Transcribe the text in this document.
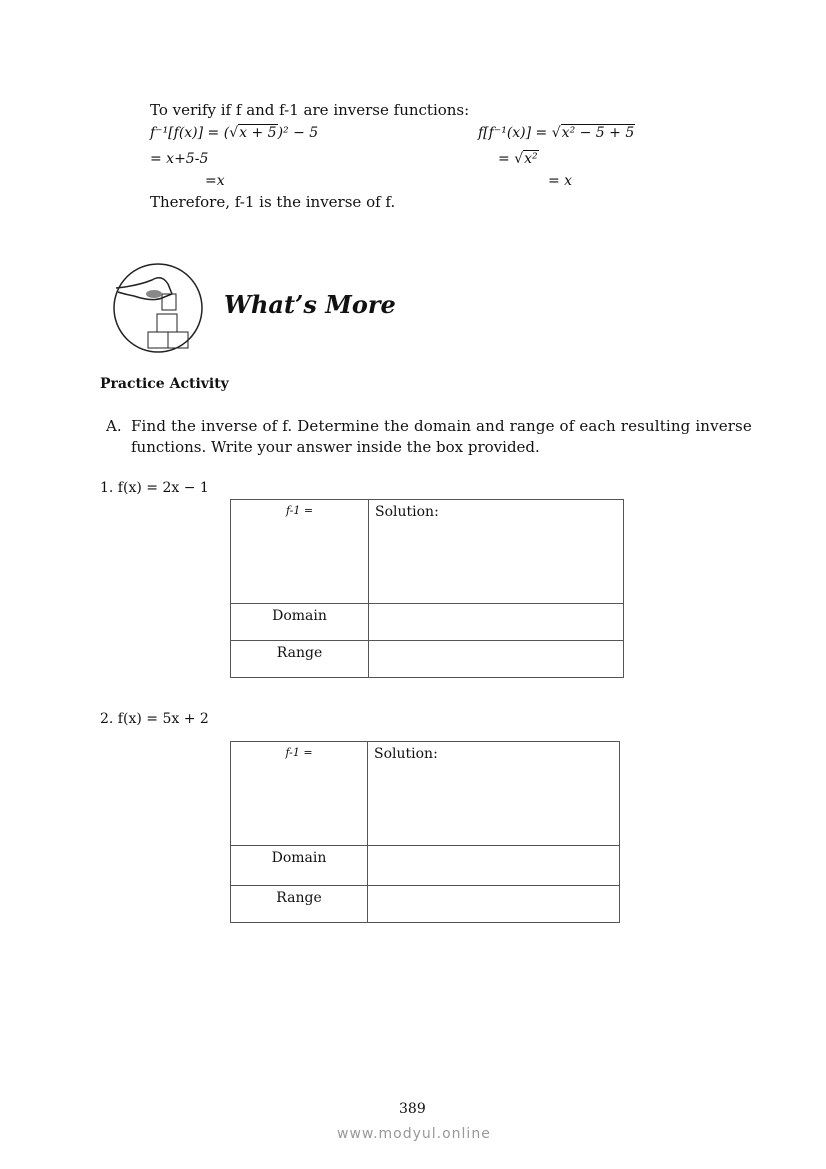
To verify if f and f-1 are inverse functions:
f⁻¹[f(x)] = (√x + 5)² − 5
= x+5-5
=x
f[f⁻¹(x)] = √x² − 5 + 5
= √x²
= x
Therefore, f-1 is the inverse of f.
What’s More
Practice Activity
A. Find the inverse of f. Determine the domain and range of each resulting inverse
functions. Write your answer inside the box provided.
1. f(x) = 2x − 1
f-1 =	Solution:
Domain	
Range	
2. f(x) = 5x + 2
f-1 =	Solution:
Domain	
Range	
389
www.modyul.online
